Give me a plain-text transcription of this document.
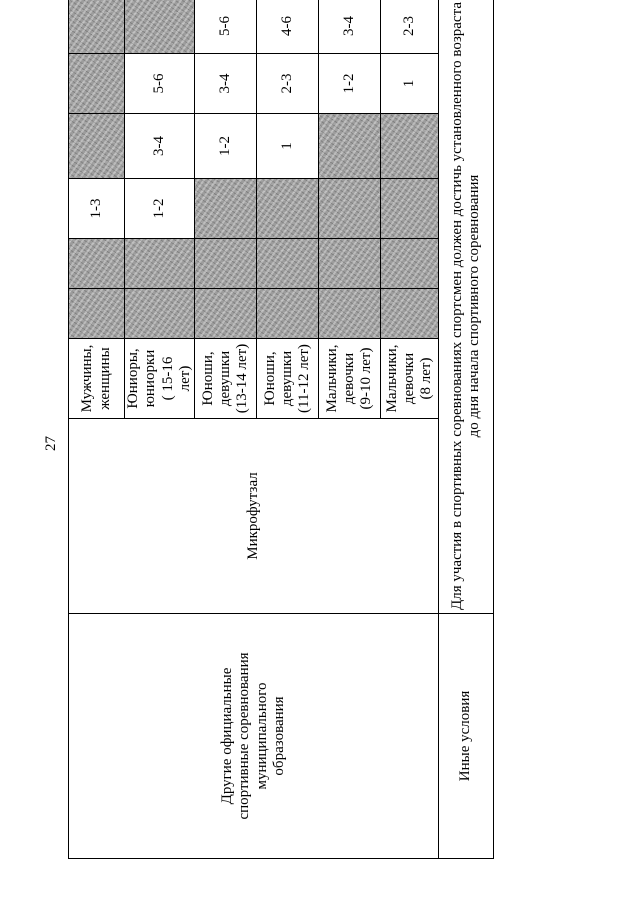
27
Другие официальные
спортивные соревнования
муниципального
образования	Микрофутзал	Мужчины,
женщины			1-3			
		Юниоры,
юниорки
( 15-16 лет)			1-2	3-4	5-6	
		Юноши,
девушки
(13-14 лет)				1-2	3-4	5-6
		Юноши,
девушки
(11-12 лет)				1	2-3	4-6
		Мальчики,
девочки
(9-10 лет)					1-2	3-4
		Мальчики,
девочки
(8 лет)					1	2-3
Иные условия	Для участия в спортивных соревнованиях спортсмен должен достичь установленного возраста до дня начала спортивного соревнования							
